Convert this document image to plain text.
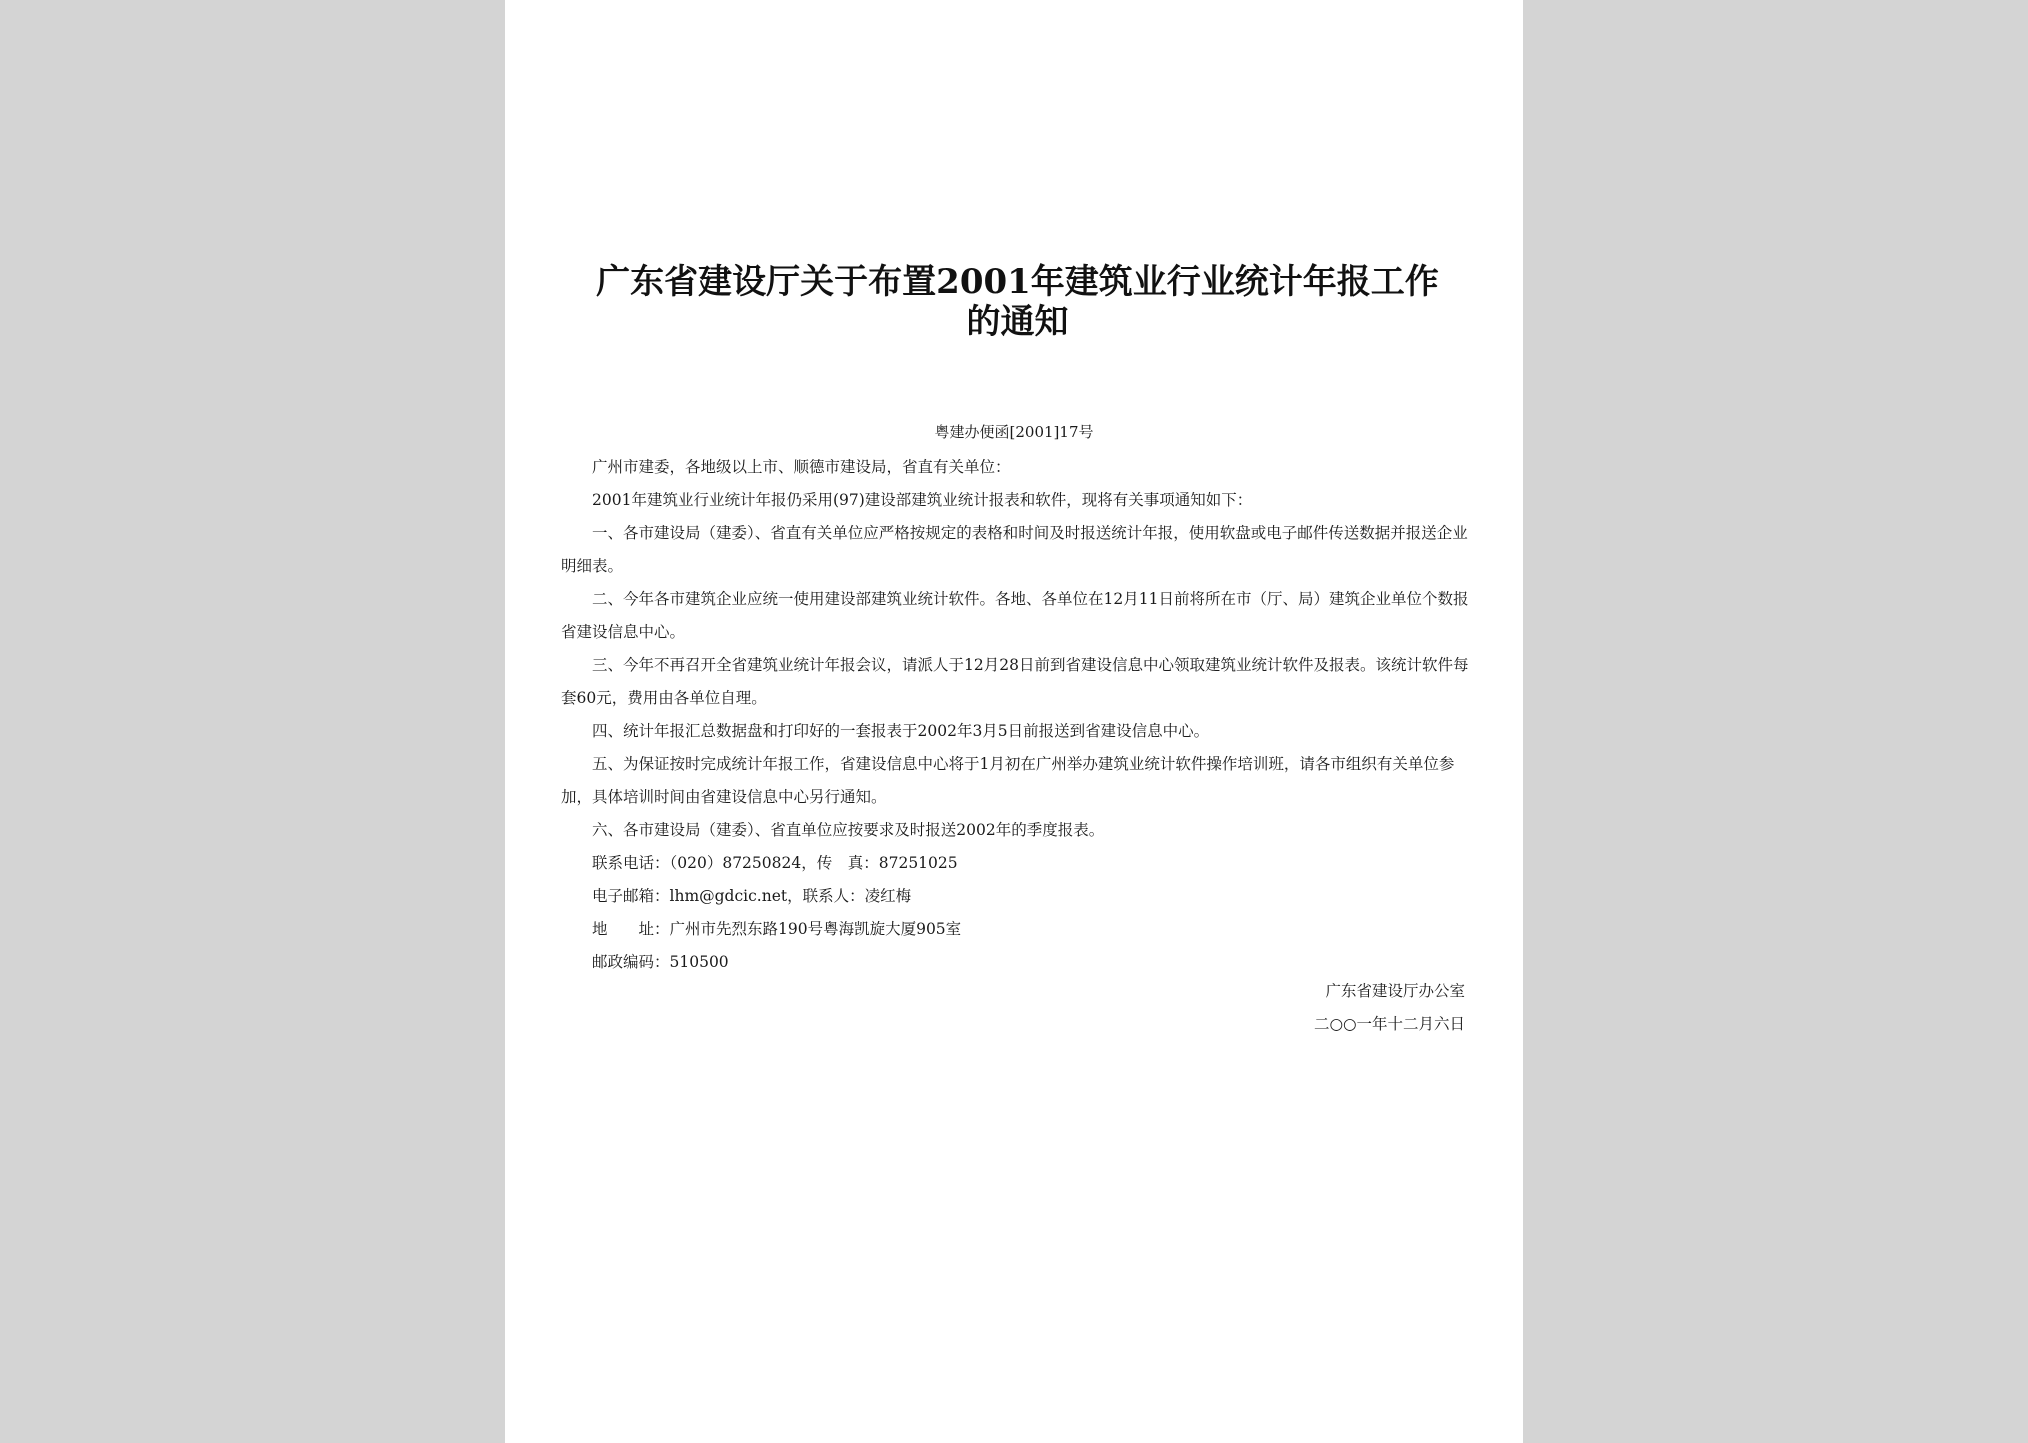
广东省建设厅关于布置2001年建筑业行业统计年报工作的通知
粤建办便函[2001]17号

广州市建委，各地级以上市、顺德市建设局，省直有关单位：

2001年建筑业行业统计年报仍采用(97)建设部建筑业统计报表和软件，现将有关事项通知如下：

一、各市建设局（建委）、省直有关单位应严格按规定的表格和时间及时报送统计年报，使用软盘或电子邮件传送数据并报送企业明细表。

二、今年各市建筑企业应统一使用建设部建筑业统计软件。各地、各单位在12月11日前将所在市（厅、局）建筑企业单位个数报省建设信息中心。

三、今年不再召开全省建筑业统计年报会议，请派人于12月28日前到省建设信息中心领取建筑业统计软件及报表。该统计软件每套60元，费用由各单位自理。

四、统计年报汇总数据盘和打印好的一套报表于2002年3月5日前报送到省建设信息中心。

五、为保证按时完成统计年报工作，省建设信息中心将于1月初在广州举办建筑业统计软件操作培训班，请各市组织有关单位参加，具体培训时间由省建设信息中心另行通知。

六、各市建设局（建委）、省直单位应按要求及时报送2002年的季度报表。

联系电话：（020）87250824，传　真：87251025

电子邮箱：lhm@gdcic.net，联系人：凌红梅

地　　址：广州市先烈东路190号粤海凯旋大厦905室

邮政编码：510500

广东省建设厅办公室
二○○一年十二月六日
